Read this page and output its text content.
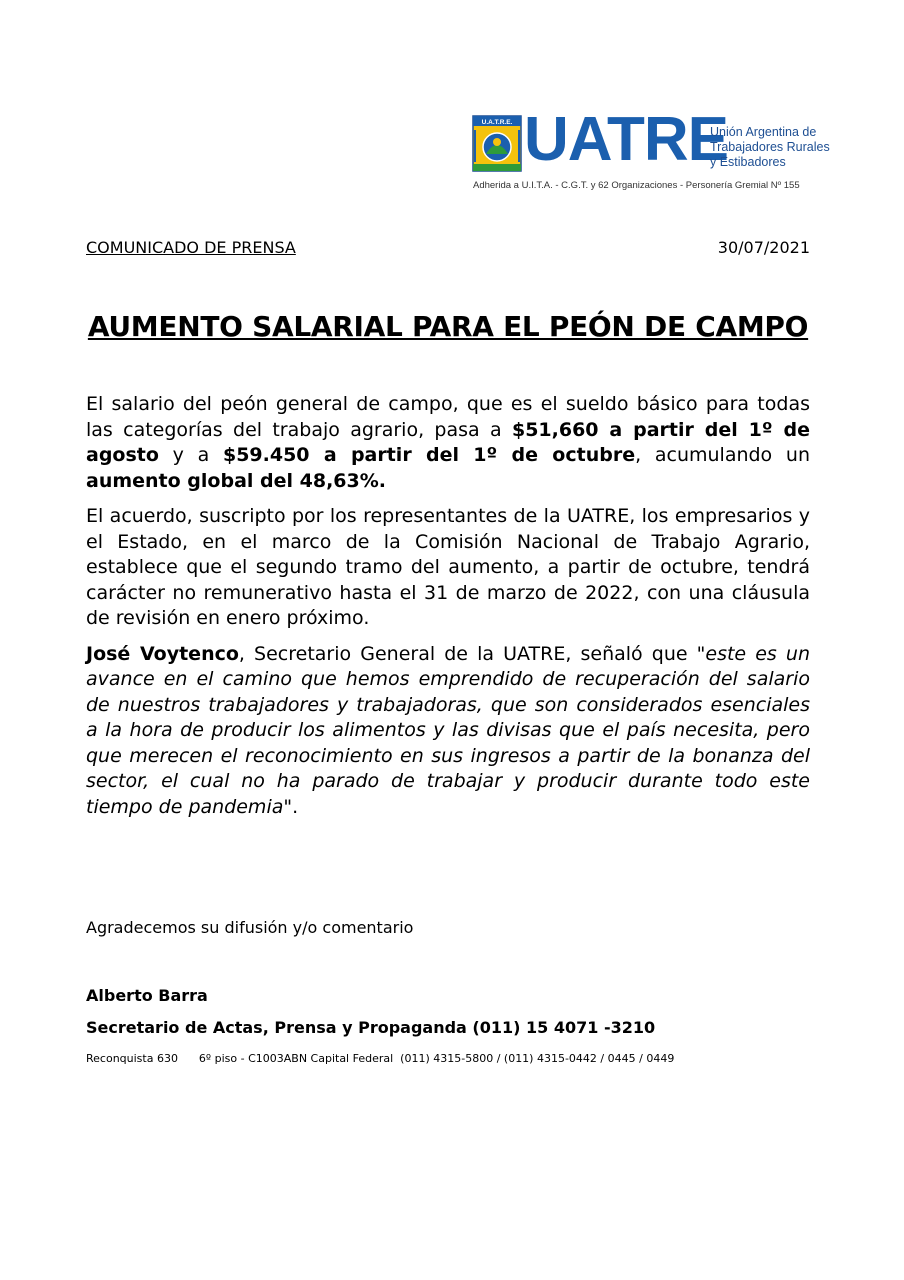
U.A.T.R.E. UATRE
Unión Argentina de
Trabajadores Rurales
y Estibadores
Adherida a U.I.T.A. - C.G.T. y 62 Organizaciones - Personería Gremial Nº 155
COMUNICADO DE PRENSA	30/07/2021
AUMENTO SALARIAL PARA EL PEÓN DE CAMPO

El salario del peón general de campo, que es el sueldo básico para todas las categorías del trabajo agrario, pasa a $51,660 a partir del 1º de agosto y a $59.450 a partir del 1º de octubre, acumulando un aumento global del 48,63%.

El acuerdo, suscripto por los representantes de la UATRE, los empresarios y el Estado, en el marco de la Comisión Nacional de Trabajo Agrario, establece que el segundo tramo del aumento, a partir de octubre, tendrá carácter no remunerativo hasta el 31 de marzo de 2022, con una cláusula de revisión en enero próximo.

José Voytenco, Secretario General de la UATRE, señaló que "este es un avance en el camino que hemos emprendido de recuperación del salario de nuestros trabajadores y trabajadoras, que son considerados esenciales a la hora de producir los alimentos y las divisas que el país necesita, pero que merecen el reconocimiento en sus ingresos a partir de la bonanza del sector, el cual no ha parado de trabajar y producir durante todo este tiempo de pandemia".

Agradecemos su difusión y/o comentario
Alberto Barra
Secretario de Actas, Prensa y Propaganda (011) 15 4071 -3210
Reconquista 630      6º piso - C1003ABN Capital Federal  (011) 4315-5800 / (011) 4315-0442 / 0445 / 0449
